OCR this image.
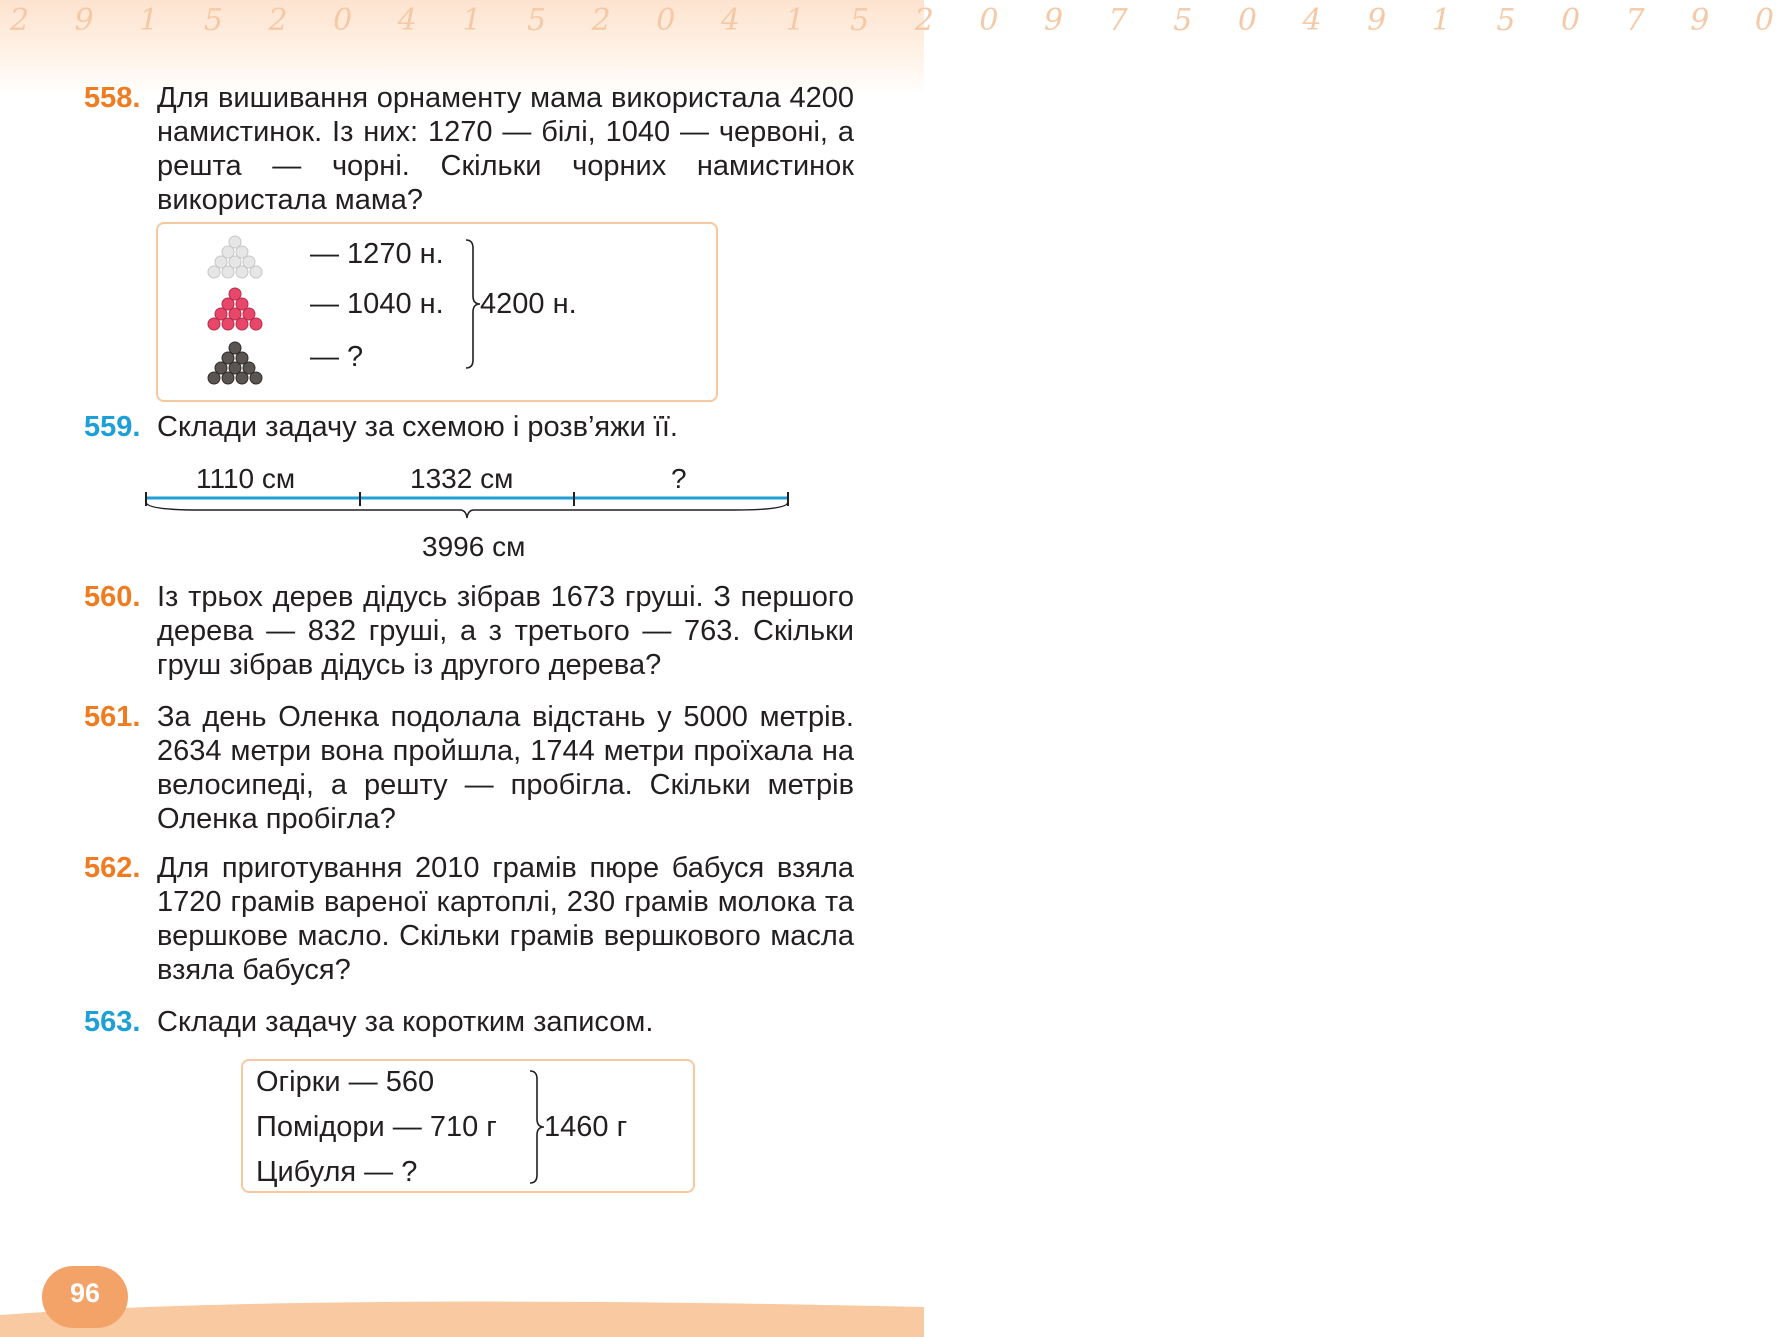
2 9 1 5 2 0 4 1 5 2 0 4 1 5 2 0 9 7 5 0 4 9 1 5 0 7 9 0
558. Для вишивання орнаменту мама використала 4200 намистинок. Із них: 1270 — білі, 1040 — червоні, а решта — чорні. Скільки чорних намистинок використала мама?
— 1270 н.
— 1040 н.
— ?
4200 н.
559. Склади задачу за схемою і розв’яжи її.
1110 см	1332 см	?
3996 см
560. Із трьох дерев дідусь зібрав 1673 груші. З першого дерева — 832 груші, а з третього — 763. Скільки груш зібрав дідусь із другого дерева?
561. За день Оленка подолала відстань у 5000 метрів. 2634 метри вона пройшла, 1744 метри проїхала на велосипеді, а решту — пробігла. Скільки метрів Оленка пробігла?
562. Для приготування 2010 грамів пюре бабуся взяла 1720 грамів вареної картоплі, 230 грамів молока та вершкове масло. Скільки грамів вершкового масла взяла бабуся?
563. Склади задачу за коротким записом.
Огірки — 560
Помідори — 710 г
Цибуля — ?
1460 г
96
